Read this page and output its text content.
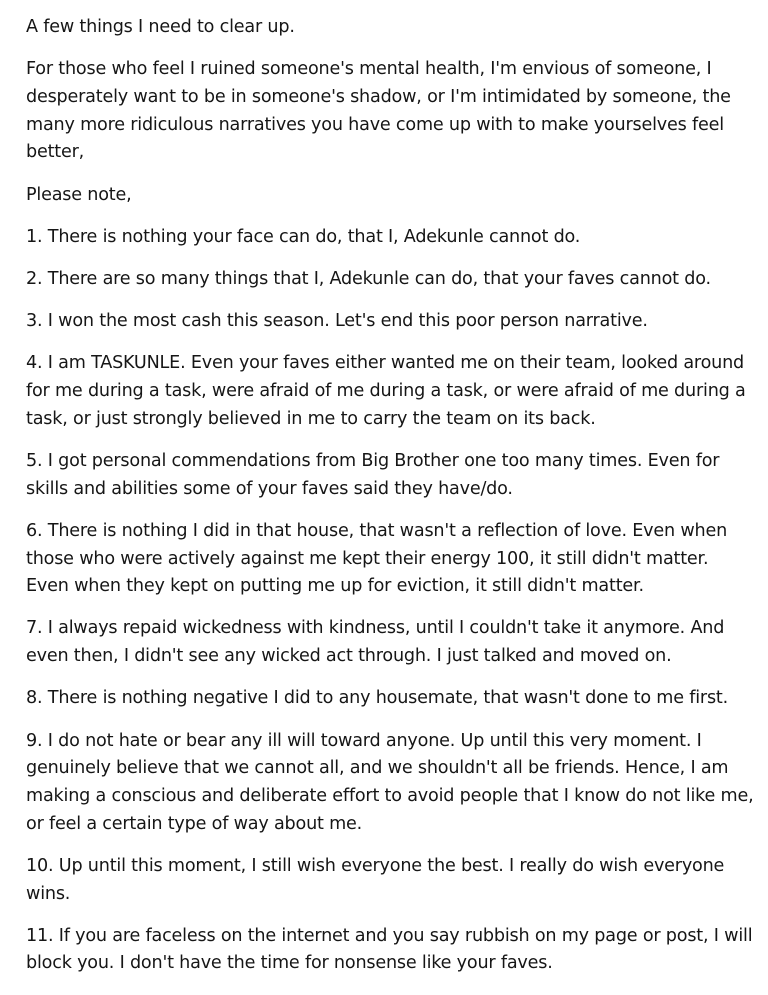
A few things I need to clear up.

For those who feel I ruined someone's mental health, I'm envious of someone, I desperately want to be in someone's shadow, or I'm intimidated by someone, the many more ridiculous narratives you have come up with to make yourselves feel better,

Please note,

1. There is nothing your face can do, that I, Adekunle cannot do.

2. There are so many things that I, Adekunle can do, that your faves cannot do.

3. I won the most cash this season. Let's end this poor person narrative.

4. I am TASKUNLE. Even your faves either wanted me on their team, looked around for me during a task, were afraid of me during a task, or were afraid of me during a task, or just strongly believed in me to carry the team on its back.

5. I got personal commendations from Big Brother one too many times. Even for skills and abilities some of your faves said they have/do.

6. There is nothing I did in that house, that wasn't a reflection of love. Even when those who were actively against me kept their energy 100, it still didn't matter. Even when they kept on putting me up for eviction, it still didn't matter.

7. I always repaid wickedness with kindness, until I couldn't take it anymore. And even then, I didn't see any wicked act through. I just talked and moved on.

8. There is nothing negative I did to any housemate, that wasn't done to me first.

9. I do not hate or bear any ill will toward anyone. Up until this very moment. I genuinely believe that we cannot all, and we shouldn't all be friends. Hence, I am making a conscious and deliberate effort to avoid people that I know do not like me, or feel a certain type of way about me.

10. Up until this moment, I still wish everyone the best. I really do wish everyone wins.

11. If you are faceless on the internet and you say rubbish on my page or post, I will block you. I don't have the time for nonsense like your faves.
